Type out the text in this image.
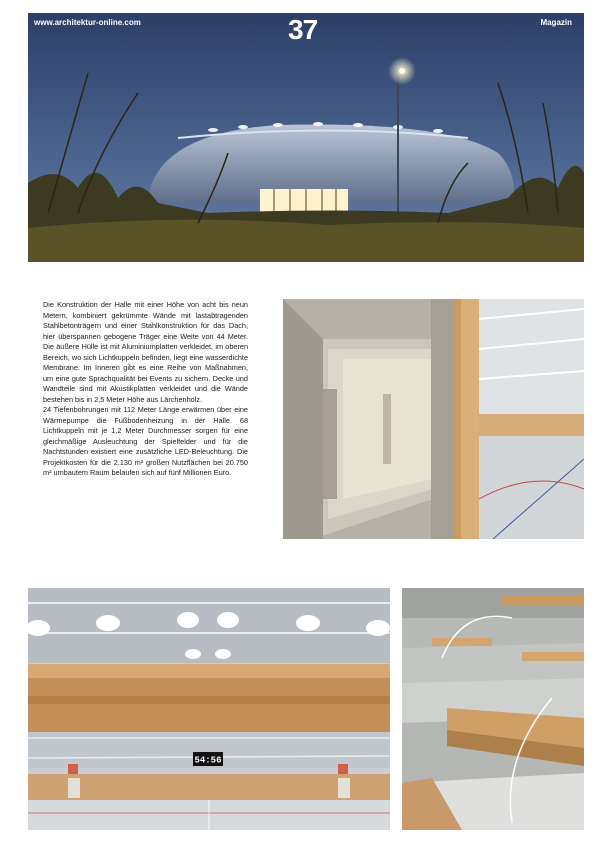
www.architektur-online.com	37	Magazin

Die Konstruktion der Halle mit einer Höhe von acht bis neun Metern, kombiniert gekrümmte Wände mit lastabtragenden Stahlbetonträgern und einer Stahlkonstruktion für das Dach, hier überspannen gebogene Träger eine Weite von 44 Meter. Die äußere Hülle ist mit Aluminiumplatten verkleidet, im oberen Bereich, wo sich Lichtkuppeln befinden, liegt eine wasserdichte Membrane. Im Inneren gibt es eine Reihe von Maßnahmen, um eine gute Sprachqualität bei Events zu sichern. Decke und Wandteile sind mit Akustikplatten verkleidet und die Wände bestehen bis in 2,5 Meter Höhe aus Lärchenholz.

24 Tiefenbohrungen mit 112 Meter Länge erwärmen über eine Wärmepumpe die Fußbodenheizung in der Halle. 68 Lichtkuppeln mit je 1,2 Meter Durchmesser sorgen für eine gleichmäßige Ausleuchtung der Spielfelder und für die Nachtstunden existiert eine zusätzliche LED-Beleuchtung. Die Projektkosten für die 2.130 m² großen Nutzflächen bei 20.750 m² umbautem Raum belaufen sich auf fünf Millionen Euro.

54:56
